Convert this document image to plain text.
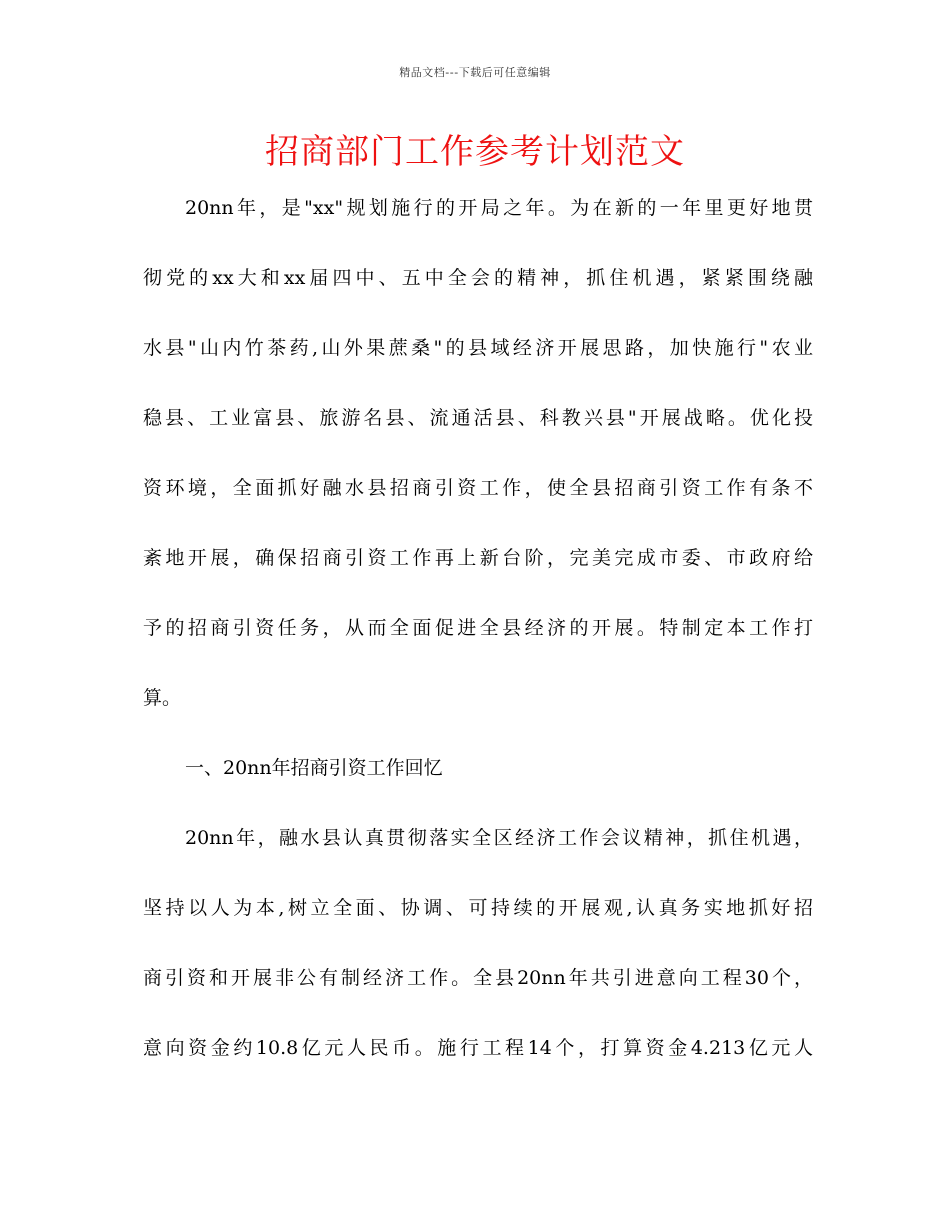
精品文档---下载后可任意编辑
招商部门工作参考计划范文
20nn年，是"xx"规划施行的开局之年。为在新的一年里更好地贯
彻党的xx大和xx届四中、五中全会的精神，抓住机遇，紧紧围绕融
水县"山内竹茶药,山外果蔗桑"的县域经济开展思路，加快施行"农业
稳县、工业富县、旅游名县、流通活县、科教兴县"开展战略。优化投
资环境，全面抓好融水县招商引资工作，使全县招商引资工作有条不
紊地开展，确保招商引资工作再上新台阶，完美完成市委、市政府给
予的招商引资任务，从而全面促进全县经济的开展。特制定本工作打
算。
一、20nn年招商引资工作回忆
20nn年，融水县认真贯彻落实全区经济工作会议精神，抓住机遇，
坚持以人为本,树立全面、协调、可持续的开展观,认真务实地抓好招
商引资和开展非公有制经济工作。全县20nn年共引进意向工程30个，
意向资金约10.8亿元人民币。施行工程14个，打算资金4.213亿元人
